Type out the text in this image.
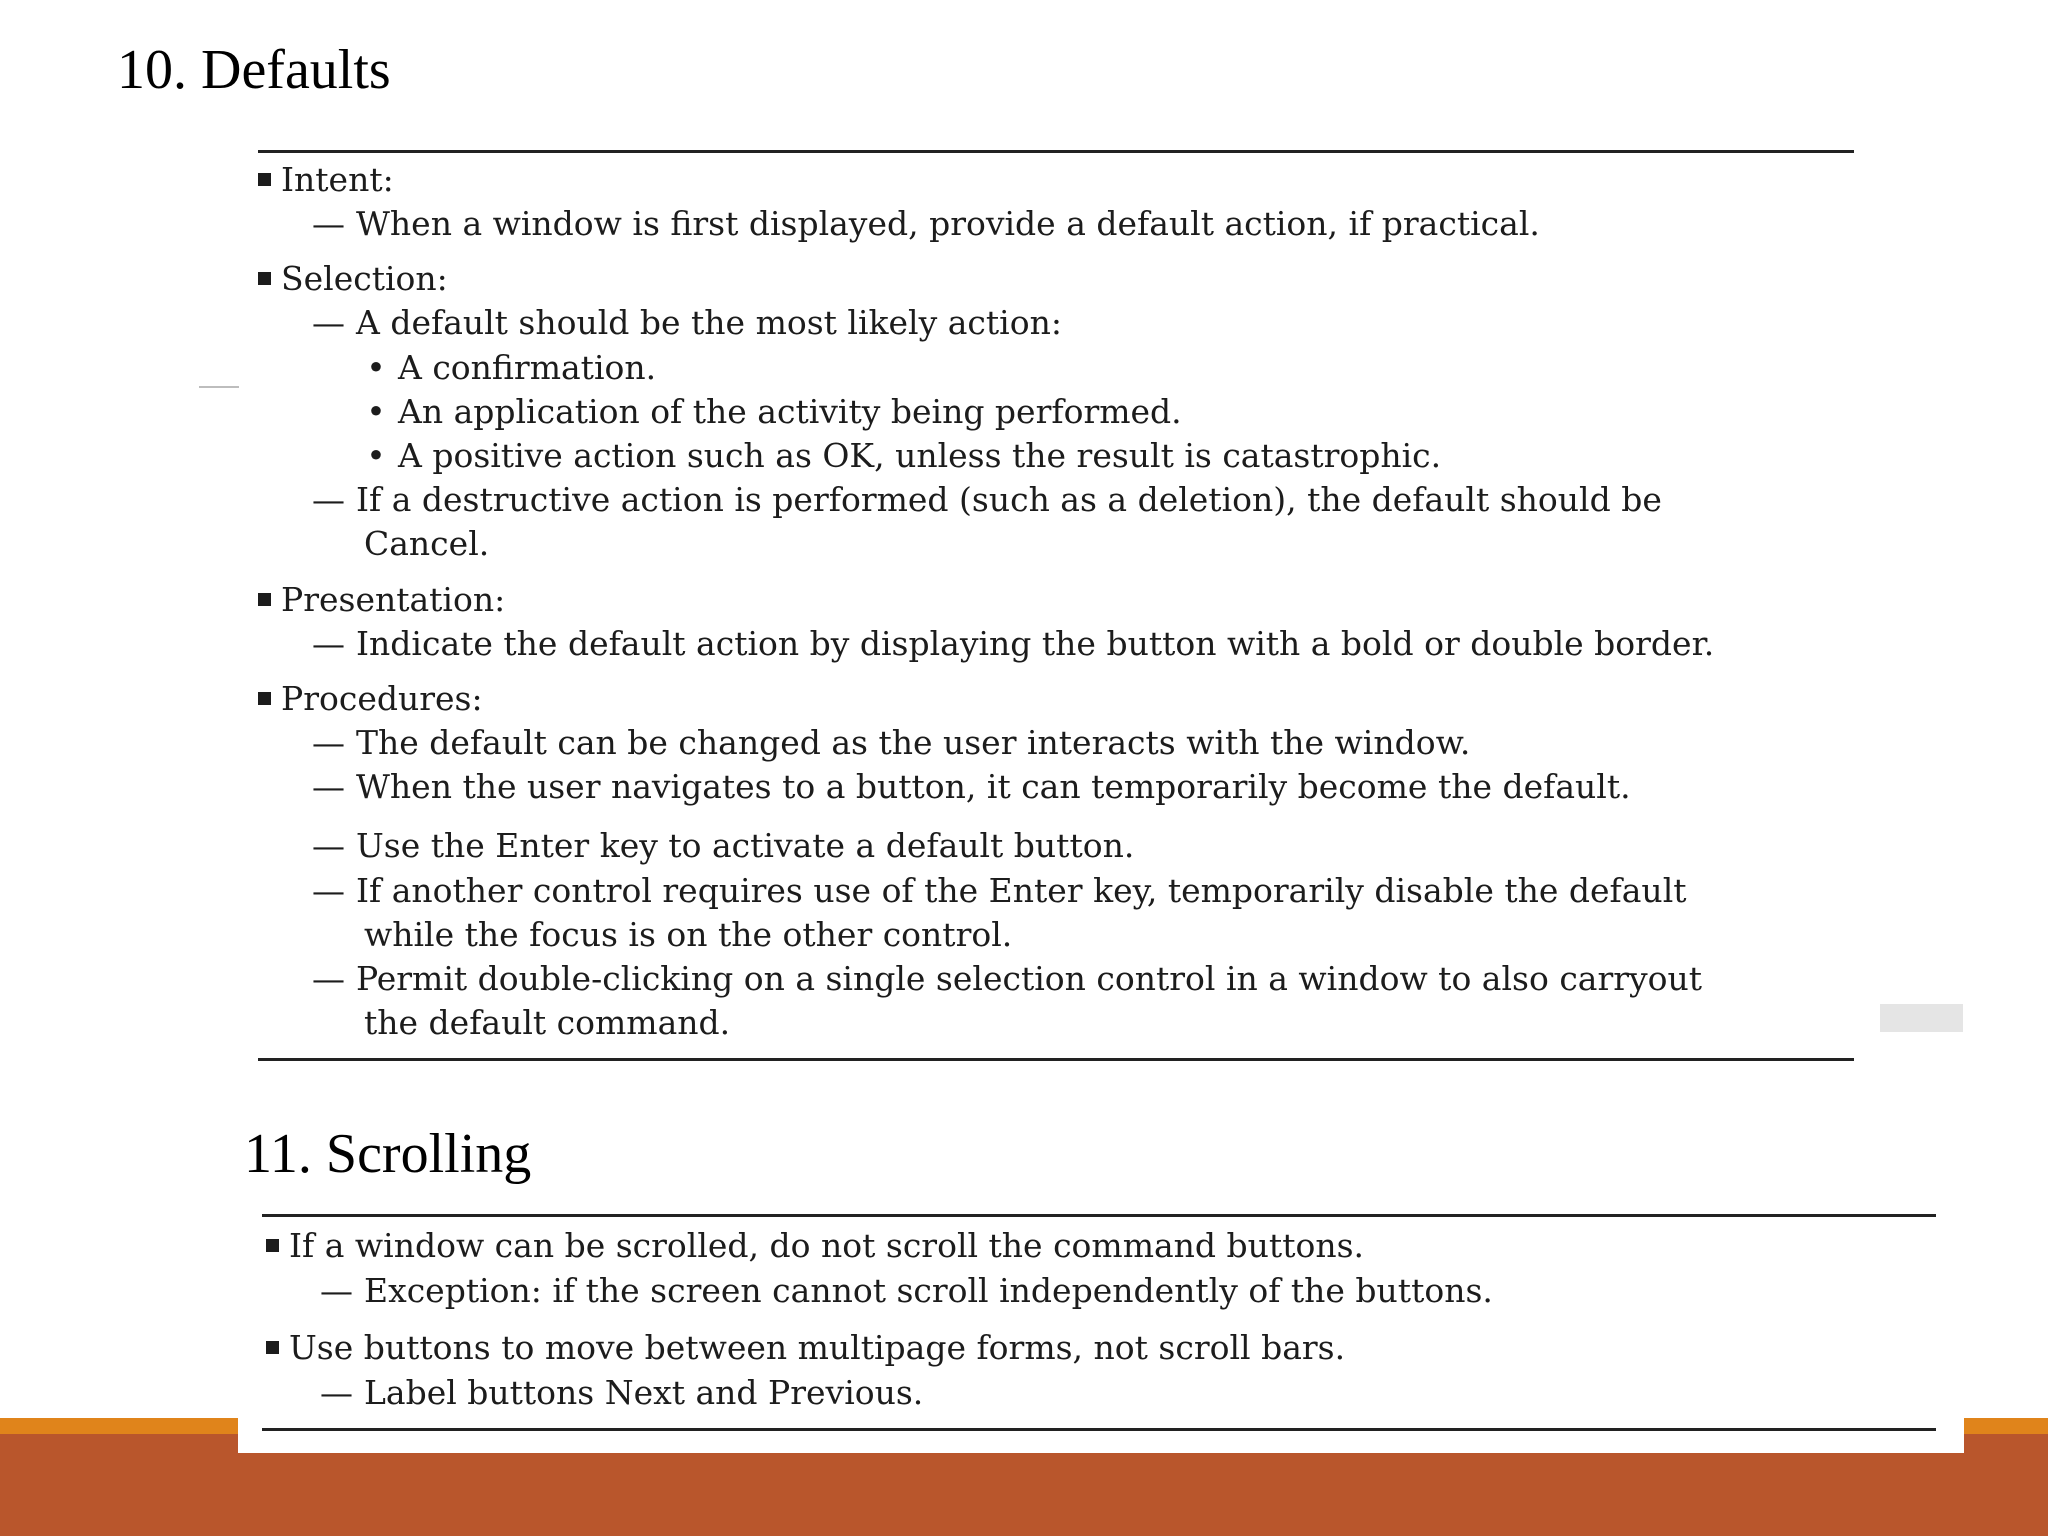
10. Defaults
Intent:
— When a window is first displayed, provide a default action, if practical.
Selection:
— A default should be the most likely action:
• A confirmation.
• An application of the activity being performed.
• A positive action such as OK, unless the result is catastrophic.
— If a destructive action is performed (such as a deletion), the default should be
Cancel.
Presentation:
— Indicate the default action by displaying the button with a bold or double border.
Procedures:
— The default can be changed as the user interacts with the window.
— When the user navigates to a button, it can temporarily become the default.
— Use the Enter key to activate a default button.
— If another control requires use of the Enter key, temporarily disable the default
while the focus is on the other control.
— Permit double-clicking on a single selection control in a window to also carryout
the default command.
11. Scrolling
If a window can be scrolled, do not scroll the command buttons.
— Exception: if the screen cannot scroll independently of the buttons.
Use buttons to move between multipage forms, not scroll bars.
— Label buttons Next and Previous.
